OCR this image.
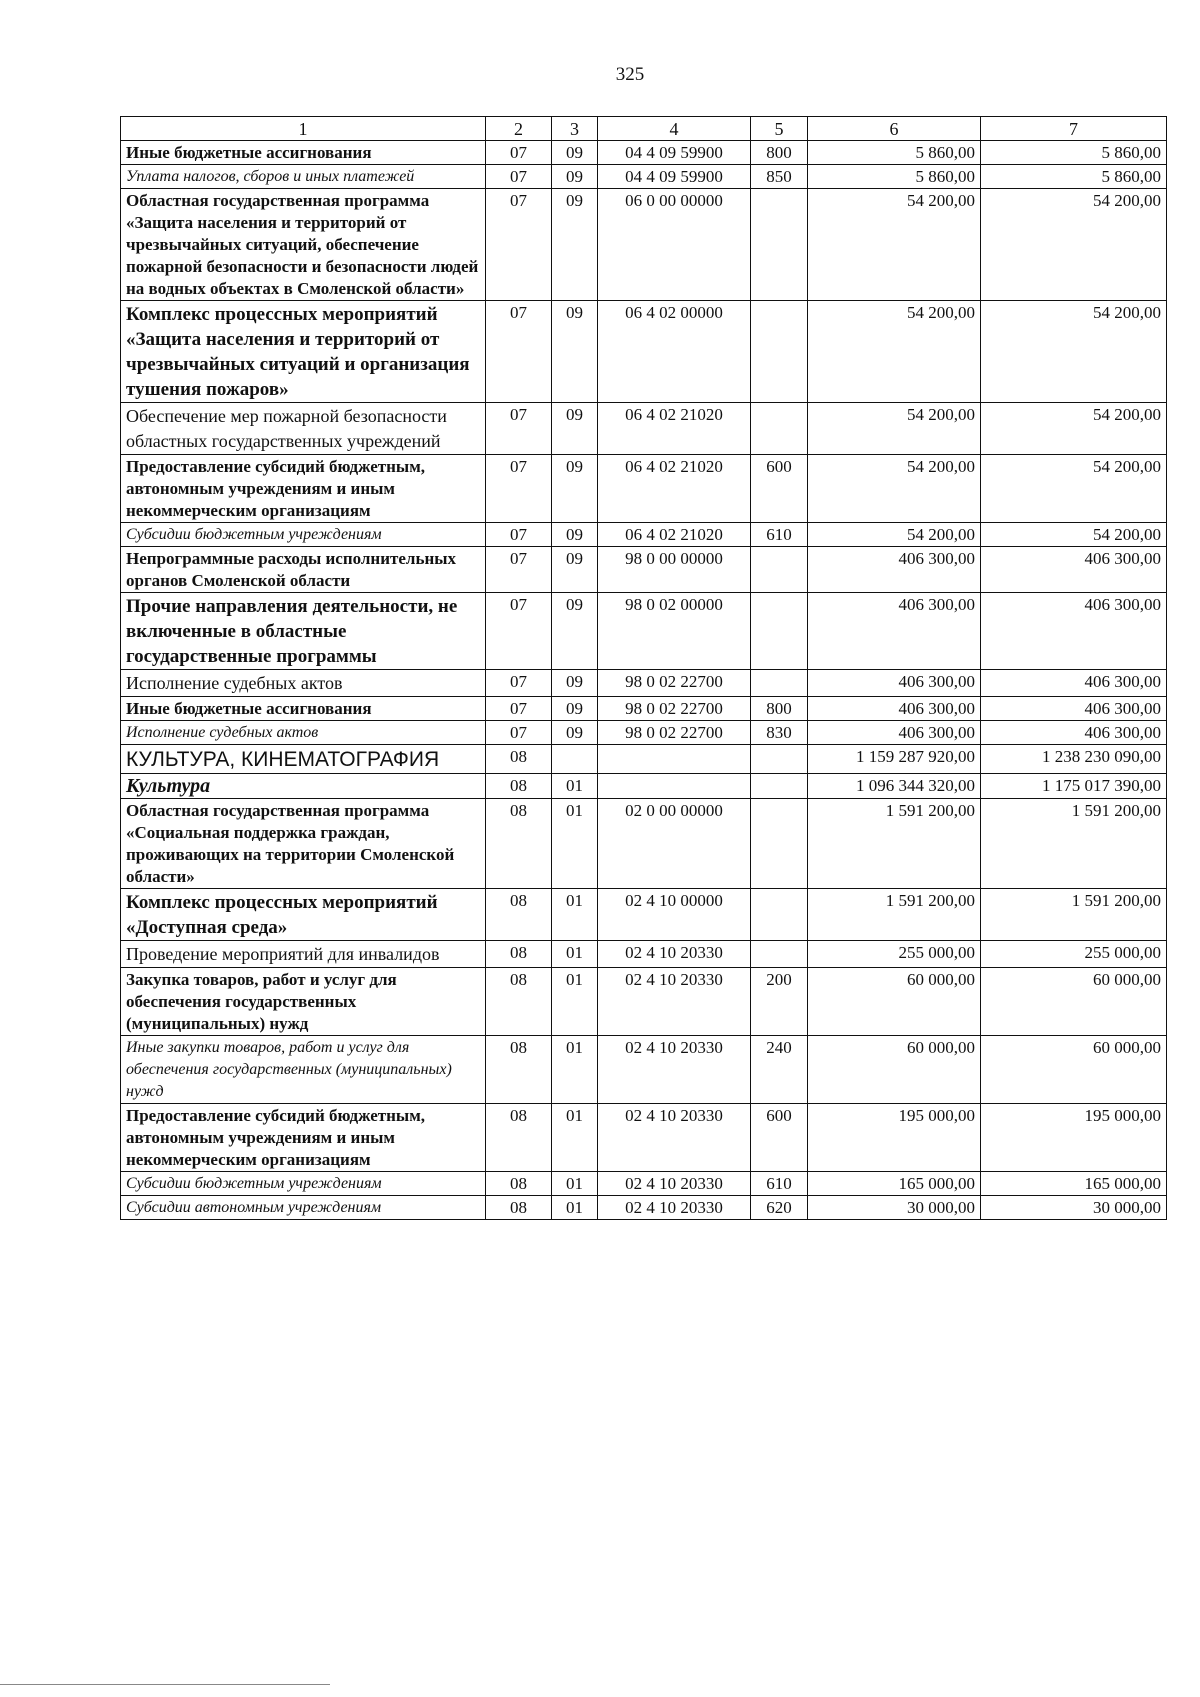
325
1	2	3	4	5	6	7
Иные бюджетные ассигнования	07	09	04 4 09 59900	800	5 860,00	5 860,00
Уплата налогов, сборов и иных платежей	07	09	04 4 09 59900	850	5 860,00	5 860,00
Областная государственная программа «Защита населения и территорий от чрезвычайных ситуаций, обеспечение пожарной безопасности и безопасности людей на водных объектах в Смоленской области»	07	09	06 0 00 00000		54 200,00	54 200,00
Комплекс процессных мероприятий «Защита населения и территорий от чрезвычайных ситуаций и организация тушения пожаров»	07	09	06 4 02 00000		54 200,00	54 200,00
Обеспечение мер пожарной безопасности областных государственных учреждений	07	09	06 4 02 21020		54 200,00	54 200,00
Предоставление субсидий бюджетным, автономным учреждениям и иным некоммерческим организациям	07	09	06 4 02 21020	600	54 200,00	54 200,00
Субсидии бюджетным учреждениям	07	09	06 4 02 21020	610	54 200,00	54 200,00
Непрограммные расходы исполнительных органов Смоленской области	07	09	98 0 00 00000		406 300,00	406 300,00
Прочие направления деятельности, не включенные в областные государственные программы	07	09	98 0 02 00000		406 300,00	406 300,00
Исполнение судебных актов	07	09	98 0 02 22700		406 300,00	406 300,00
Иные бюджетные ассигнования	07	09	98 0 02 22700	800	406 300,00	406 300,00
Исполнение судебных актов	07	09	98 0 02 22700	830	406 300,00	406 300,00
КУЛЬТУРА, КИНЕМАТОГРАФИЯ	08				1 159 287 920,00	1 238 230 090,00
Культура	08	01			1 096 344 320,00	1 175 017 390,00
Областная государственная программа «Социальная поддержка граждан, проживающих на территории Смоленской области»	08	01	02 0 00 00000		1 591 200,00	1 591 200,00
Комплекс процессных мероприятий «Доступная среда»	08	01	02 4 10 00000		1 591 200,00	1 591 200,00
Проведение мероприятий для инвалидов	08	01	02 4 10 20330		255 000,00	255 000,00
Закупка товаров, работ и услуг для обеспечения государственных (муниципальных) нужд	08	01	02 4 10 20330	200	60 000,00	60 000,00
Иные закупки товаров, работ и услуг для обеспечения государственных (муниципальных) нужд	08	01	02 4 10 20330	240	60 000,00	60 000,00
Предоставление субсидий бюджетным, автономным учреждениям и иным некоммерческим организациям	08	01	02 4 10 20330	600	195 000,00	195 000,00
Субсидии бюджетным учреждениям	08	01	02 4 10 20330	610	165 000,00	165 000,00
Субсидии автономным учреждениям	08	01	02 4 10 20330	620	30 000,00	30 000,00
